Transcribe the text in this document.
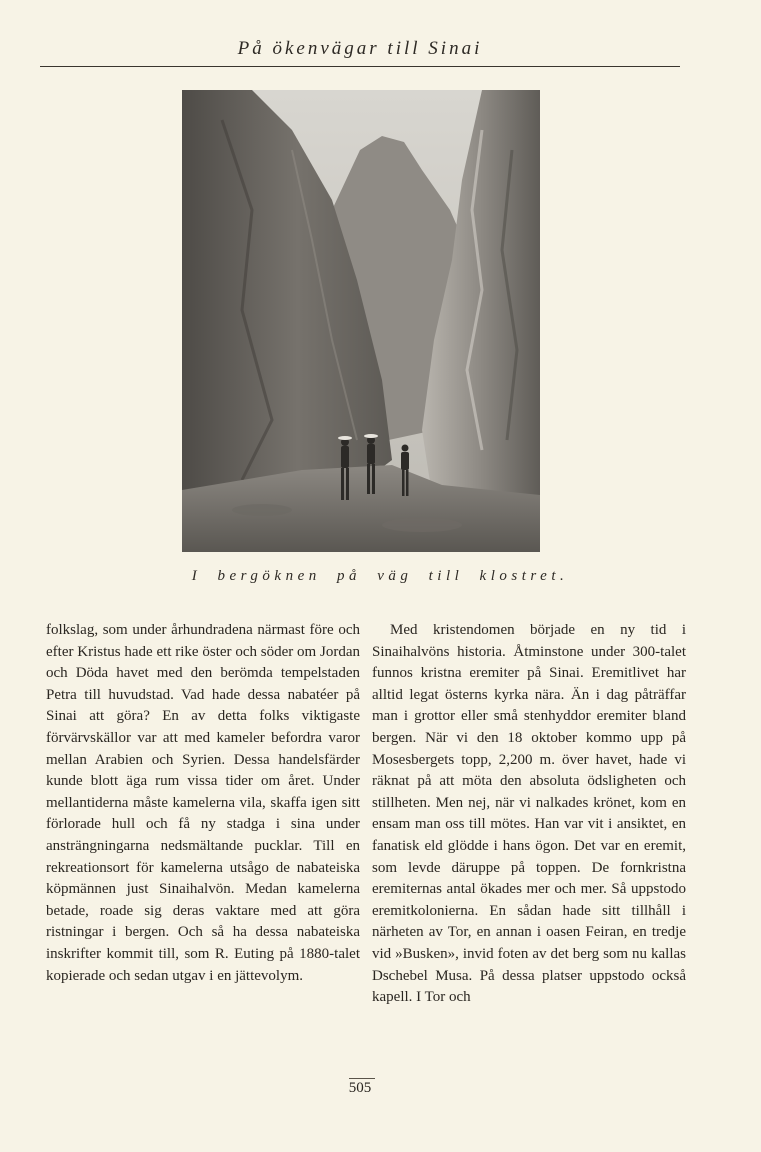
På ökenvägar till Sinai
I bergöknen på väg till klostret.

folkslag, som under århundradena närmast före och efter Kristus hade ett rike öster och söder om Jordan och Döda havet med den berömda tempelstaden Petra till huvudstad. Vad hade dessa nabatéer på Sinai att göra? En av detta folks viktigaste förvärvskällor var att med kameler befordra varor mellan Arabien och Syrien. Dessa handelsfärder kunde blott äga rum vissa tider om året. Under mellantiderna måste kamelerna vila, skaffa igen sitt förlorade hull och få ny stadga i sina under ansträngningarna nedsmältande pucklar. Till en rekreationsort för kamelerna utsågo de nabateiska köpmännen just Sinaihalvön. Medan kamelerna betade, roade sig deras vaktare med att göra ristningar i bergen. Och så ha dessa nabateiska inskrifter kommit till, som R. Euting på 1880-talet kopierade och sedan utgav i en jättevolym.

Med kristendomen började en ny tid i Sinaihalvöns historia. Åtminstone under 300-talet funnos kristna eremiter på Sinai. Eremitlivet har alltid legat österns kyrka nära. Än i dag påträffar man i grottor eller små stenhyddor eremiter bland bergen. När vi den 18 oktober kommo upp på Mosesbergets topp, 2,200 m. över havet, hade vi räknat på att möta den absoluta ödsligheten och stillheten. Men nej, när vi nalkades krönet, kom en ensam man oss till mötes. Han var vit i ansiktet, en fanatisk eld glödde i hans ögon. Det var en eremit, som levde däruppe på toppen. De fornkristna eremiternas antal ökades mer och mer. Så uppstodo eremitkolonierna. En sådan hade sitt tillhåll i närheten av Tor, en annan i oasen Feiran, en tredje vid »Busken», invid foten av det berg som nu kallas Dschebel Musa. På dessa platser uppstodo också kapell. I Tor och

505
